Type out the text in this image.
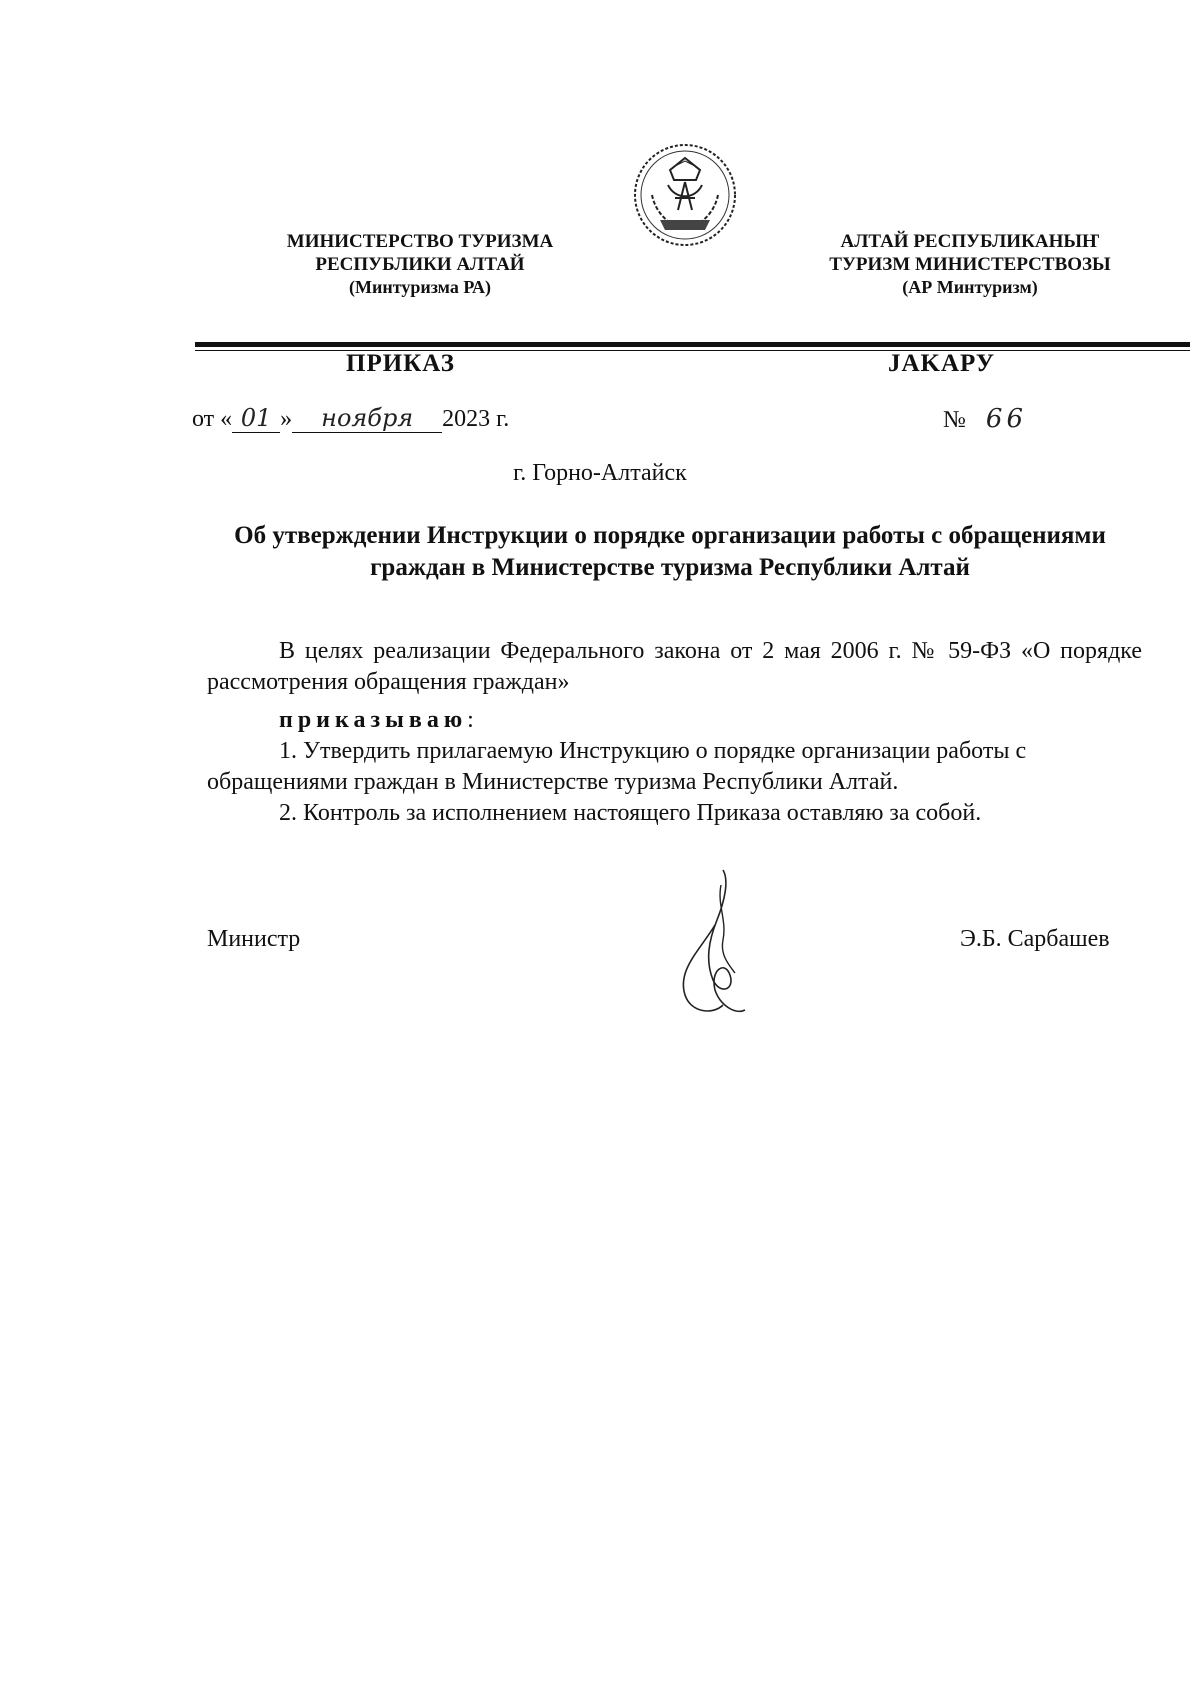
МИНИСТЕРСТВО ТУРИЗМА
РЕСПУБЛИКИ АЛТАЙ
(Минтуризма РА)
АЛТАЙ РЕСПУБЛИКАНЫҤ
ТУРИЗМ МИНИСТЕРСТВОЗЫ
(АР Минтуризм)
ПРИКАЗ	JAKAРУ
от « 01 » ноября 2023 г.	№ 66
г. Горно-Алтайск
Об утверждении Инструкции о порядке организации работы с обращениями граждан в Министерстве туризма Республики Алтай
В целях реализации Федерального закона от 2 мая 2006 г. № 59-ФЗ «О порядке рассмотрения обращения граждан»
приказываю:
1. Утвердить прилагаемую Инструкцию о порядке организации работы с обращениями граждан в Министерстве туризма Республики Алтай.
2. Контроль за исполнением настоящего Приказа оставляю за собой.
Министр	Э.Б. Сарбашев
